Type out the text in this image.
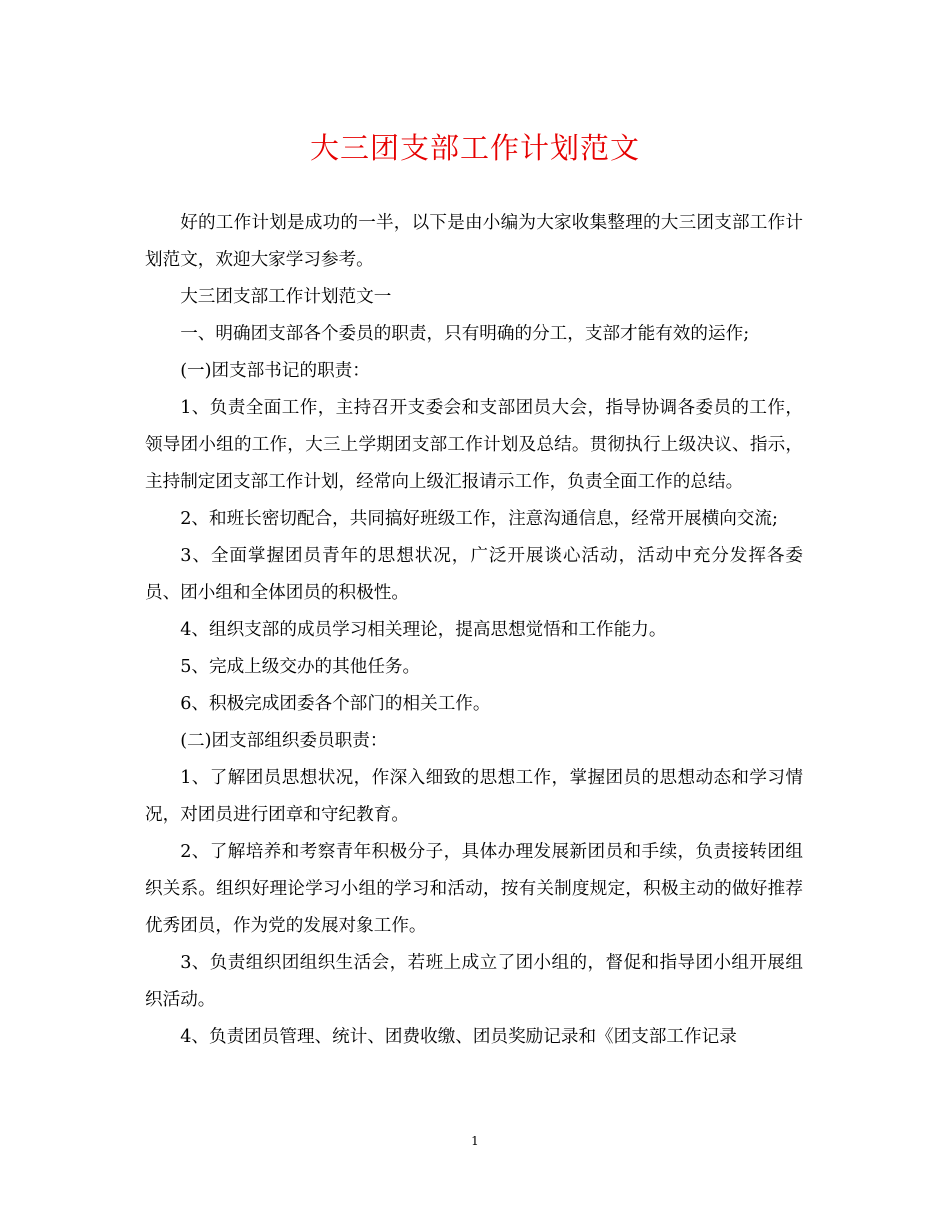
大三团支部工作计划范文

好的工作计划是成功的一半，以下是由小编为大家收集整理的大三团支部工作计划范文，欢迎大家学习参考。

大三团支部工作计划范文一

一、明确团支部各个委员的职责，只有明确的分工，支部才能有效的运作;

(一)团支部书记的职责：

1、负责全面工作，主持召开支委会和支部团员大会，指导协调各委员的工作，领导团小组的工作，大三上学期团支部工作计划及总结。贯彻执行上级决议、指示，主持制定团支部工作计划，经常向上级汇报请示工作，负责全面工作的总结。

2、和班长密切配合，共同搞好班级工作，注意沟通信息，经常开展横向交流;

3、全面掌握团员青年的思想状况，广泛开展谈心活动，活动中充分发挥各委员、团小组和全体团员的积极性。

4、组织支部的成员学习相关理论，提高思想觉悟和工作能力。

5、完成上级交办的其他任务。

6、积极完成团委各个部门的相关工作。

(二)团支部组织委员职责：

1、了解团员思想状况，作深入细致的思想工作，掌握团员的思想动态和学习情况，对团员进行团章和守纪教育。

2、了解培养和考察青年积极分子，具体办理发展新团员和手续，负责接转团组织关系。组织好理论学习小组的学习和活动，按有关制度规定，积极主动的做好推荐优秀团员，作为党的发展对象工作。

3、负责组织团组织生活会，若班上成立了团小组的，督促和指导团小组开展组织活动。

4、负责团员管理、统计、团费收缴、团员奖励记录和《团支部工作记录

1
